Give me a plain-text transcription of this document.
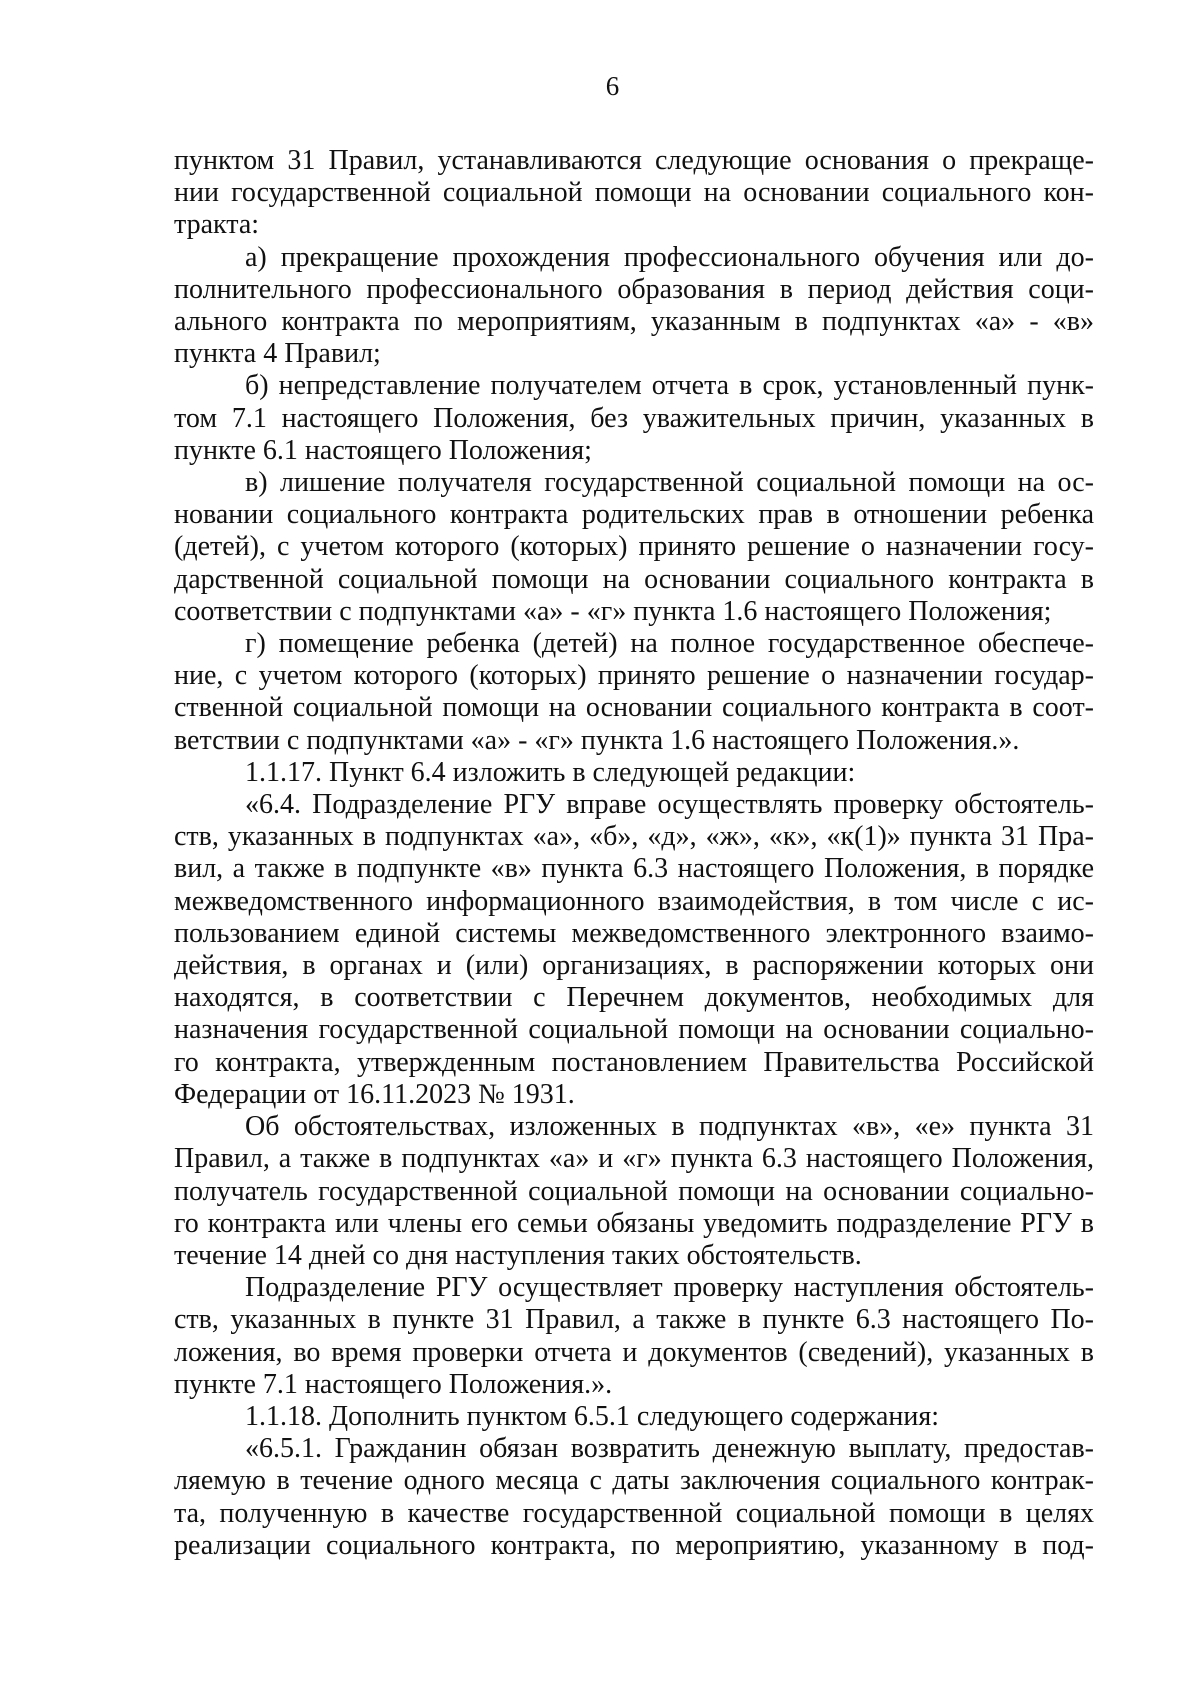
6
пунктом 31 Правил, устанавливаются следующие основания о прекраще-
нии государственной социальной помощи на основании социального кон-
тракта:
а) прекращение прохождения профессионального обучения или до-
полнительного профессионального образования в период действия соци-
ального контракта по мероприятиям, указанным в подпунктах «а» - «в»
пункта 4 Правил;
б) непредставление получателем отчета в срок, установленный пунк-
том 7.1 настоящего Положения, без уважительных причин, указанных в
пункте 6.1 настоящего Положения;
в) лишение получателя государственной социальной помощи на ос-
новании социального контракта родительских прав в отношении ребенка
(детей), с учетом которого (которых) принято решение о назначении госу-
дарственной социальной помощи на основании социального контракта в
соответствии с подпунктами «а» - «г» пункта 1.6 настоящего Положения;
г) помещение ребенка (детей) на полное государственное обеспече-
ние, с учетом которого (которых) принято решение о назначении государ-
ственной социальной помощи на основании социального контракта в соот-
ветствии с подпунктами «а» - «г» пункта 1.6 настоящего Положения.».
1.1.17. Пункт 6.4 изложить в следующей редакции:
«6.4. Подразделение РГУ вправе осуществлять проверку обстоятель-
ств, указанных в подпунктах «а», «б», «д», «ж», «к», «к(1)» пункта 31 Пра-
вил, а также в подпункте «в» пункта 6.3 настоящего Положения, в порядке
межведомственного информационного взаимодействия, в том числе с ис-
пользованием единой системы межведомственного электронного взаимо-
действия, в органах и (или) организациях, в распоряжении которых они
находятся, в соответствии с Перечнем документов, необходимых для
назначения государственной социальной помощи на основании социально-
го контракта, утвержденным постановлением Правительства Российской
Федерации от 16.11.2023 № 1931.
Об обстоятельствах, изложенных в подпунктах «в», «е» пункта 31
Правил, а также в подпунктах «а» и «г» пункта 6.3 настоящего Положения,
получатель государственной социальной помощи на основании социально-
го контракта или члены его семьи обязаны уведомить подразделение РГУ в
течение 14 дней со дня наступления таких обстоятельств.
Подразделение РГУ осуществляет проверку наступления обстоятель-
ств, указанных в пункте 31 Правил, а также в пункте 6.3 настоящего По-
ложения, во время проверки отчета и документов (сведений), указанных в
пункте 7.1 настоящего Положения.».
1.1.18. Дополнить пунктом 6.5.1 следующего содержания:
«6.5.1. Гражданин обязан возвратить денежную выплату, предостав-
ляемую в течение одного месяца с даты заключения социального контрак-
та, полученную в качестве государственной социальной помощи в целях
реализации социального контракта, по мероприятию, указанному в под-
